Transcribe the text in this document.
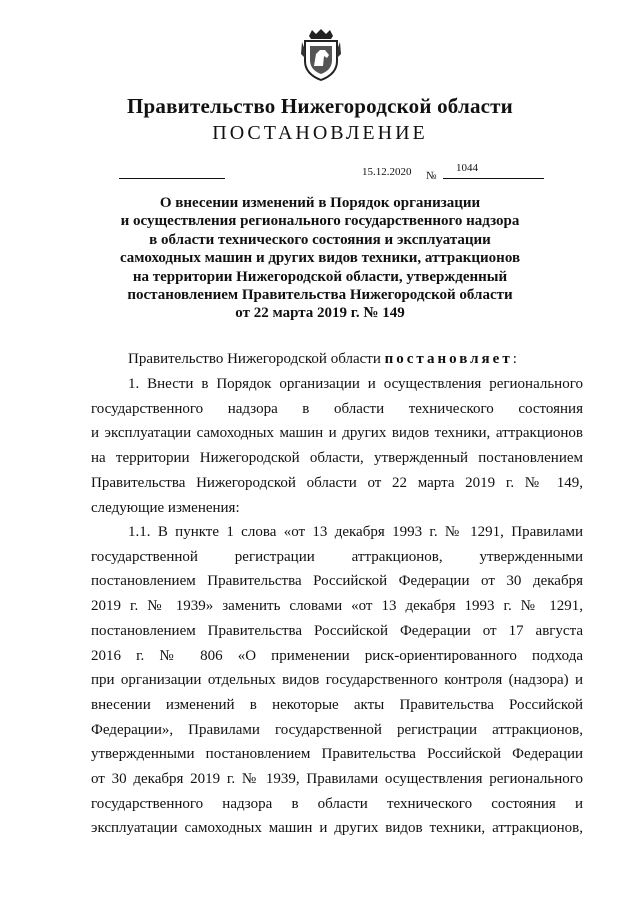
Правительство Нижегородской области
ПОСТАНОВЛЕНИЕ
15.12.2020 №
1044
О внесении изменений в Порядок организации
и осуществления регионального государственного надзора
в области технического состояния и эксплуатации
самоходных машин и других видов техники, аттракционов
на территории Нижегородской области, утвержденный
постановлением Правительства Нижегородской области
от 22 марта 2019 г. № 149

Правительство Нижегородской области постановляет:

1. Внести в Порядок организации и осуществления регионального

государственного надзора в области технического состояния

и эксплуатации самоходных машин и других видов техники, аттракционов

на территории Нижегородской области, утвержденный постановлением

Правительства Нижегородской области от 22 марта 2019 г. № 149,

следующие изменения:

1.1. В пункте 1 слова «от 13 декабря 1993 г. № 1291, Правилами

государственной регистрации аттракционов, утвержденными

постановлением Правительства Российской Федерации от 30 декабря

2019 г. № 1939» заменить словами «от 13 декабря 1993 г. № 1291,

постановлением Правительства Российской Федерации от 17 августа

2016 г. № 806 «О применении риск-ориентированного подхода

при организации отдельных видов государственного контроля (надзора) и

внесении изменений в некоторые акты Правительства Российской

Федерации», Правилами государственной регистрации аттракционов,

утвержденными постановлением Правительства Российской Федерации

от 30 декабря 2019 г. № 1939, Правилами осуществления регионального

государственного надзора в области технического состояния и

эксплуатации самоходных машин и других видов техники, аттракционов,
